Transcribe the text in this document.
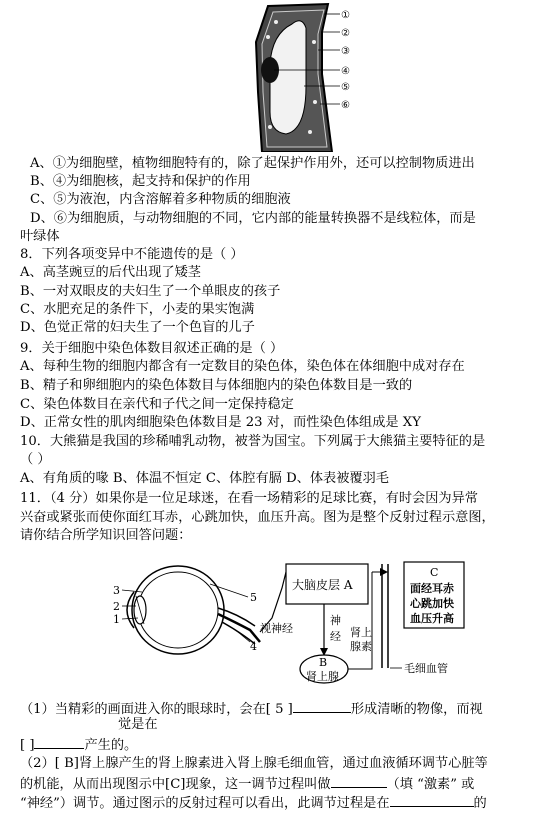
①
②
③
④
⑤
⑥
A、①为细胞壁，植物细胞特有的，除了起保护作用外，还可以控制物质进出
B、④为细胞核，起支持和保护的作用
C、⑤为液泡，内含溶解着多种物质的细胞液
D、⑥为细胞质，与动物细胞的不同，它内部的能量转换器不是线粒体，而是
叶绿体
8．下列各项变异中不能遗传的是（ ）
A、高茎豌豆的后代出现了矮茎
B、一对双眼皮的夫妇生了一个单眼皮的孩子
C、水肥充足的条件下，小麦的果实饱满
D、色觉正常的妇夫生了一个色盲的儿子
9．关于细胞中染色体数目叙述正确的是（ ）
A、每种生物的细胞内都含有一定数目的染色体，染色体在体细胞中成对存在
B、精子和卵细胞内的染色体数目与体细胞内的染色体数目是一致的
C、染色体数目在亲代和子代之间一定保持稳定
D、正常女性的肌肉细胞染色体数目是 23 对，而性染色体组成是 XY
10．大熊猫是我国的珍稀哺乳动物，被誉为国宝。下列属于大熊猫主要特征的是
（ ）
A、有角质的喙 B、体温不恒定 C、体腔有膈 D、体表被覆羽毛
11．（4 分）如果你是一位足球迷，在看一场精彩的足球比赛，有时会因为异常
兴奋或紧张而使你面红耳赤，心跳加快，血压升高。图为是整个反射过程示意图，
请你结合所学知识回答问题：
3
2
1
5
4
视神经
大脑皮层 A
神
经
B
肾上腺
肾上
腺素
毛细血管
C
面经耳赤
心跳加快
血压升高
（1）当精彩的画面进入你的眼球时，会在[ 5 ]	形成清晰的物像，而视
觉是在
[ ]	产生的。
（2）[ B]肾上腺产生的肾上腺素进入肾上腺毛细血管，通过血液循环调节心脏等
的机能，从而出现图示中[C]现象，这一调节过程叫做	（填 “激素” 或
“神经”）调节。通过图示的反射过程可以看出，此调节过程是在	的
